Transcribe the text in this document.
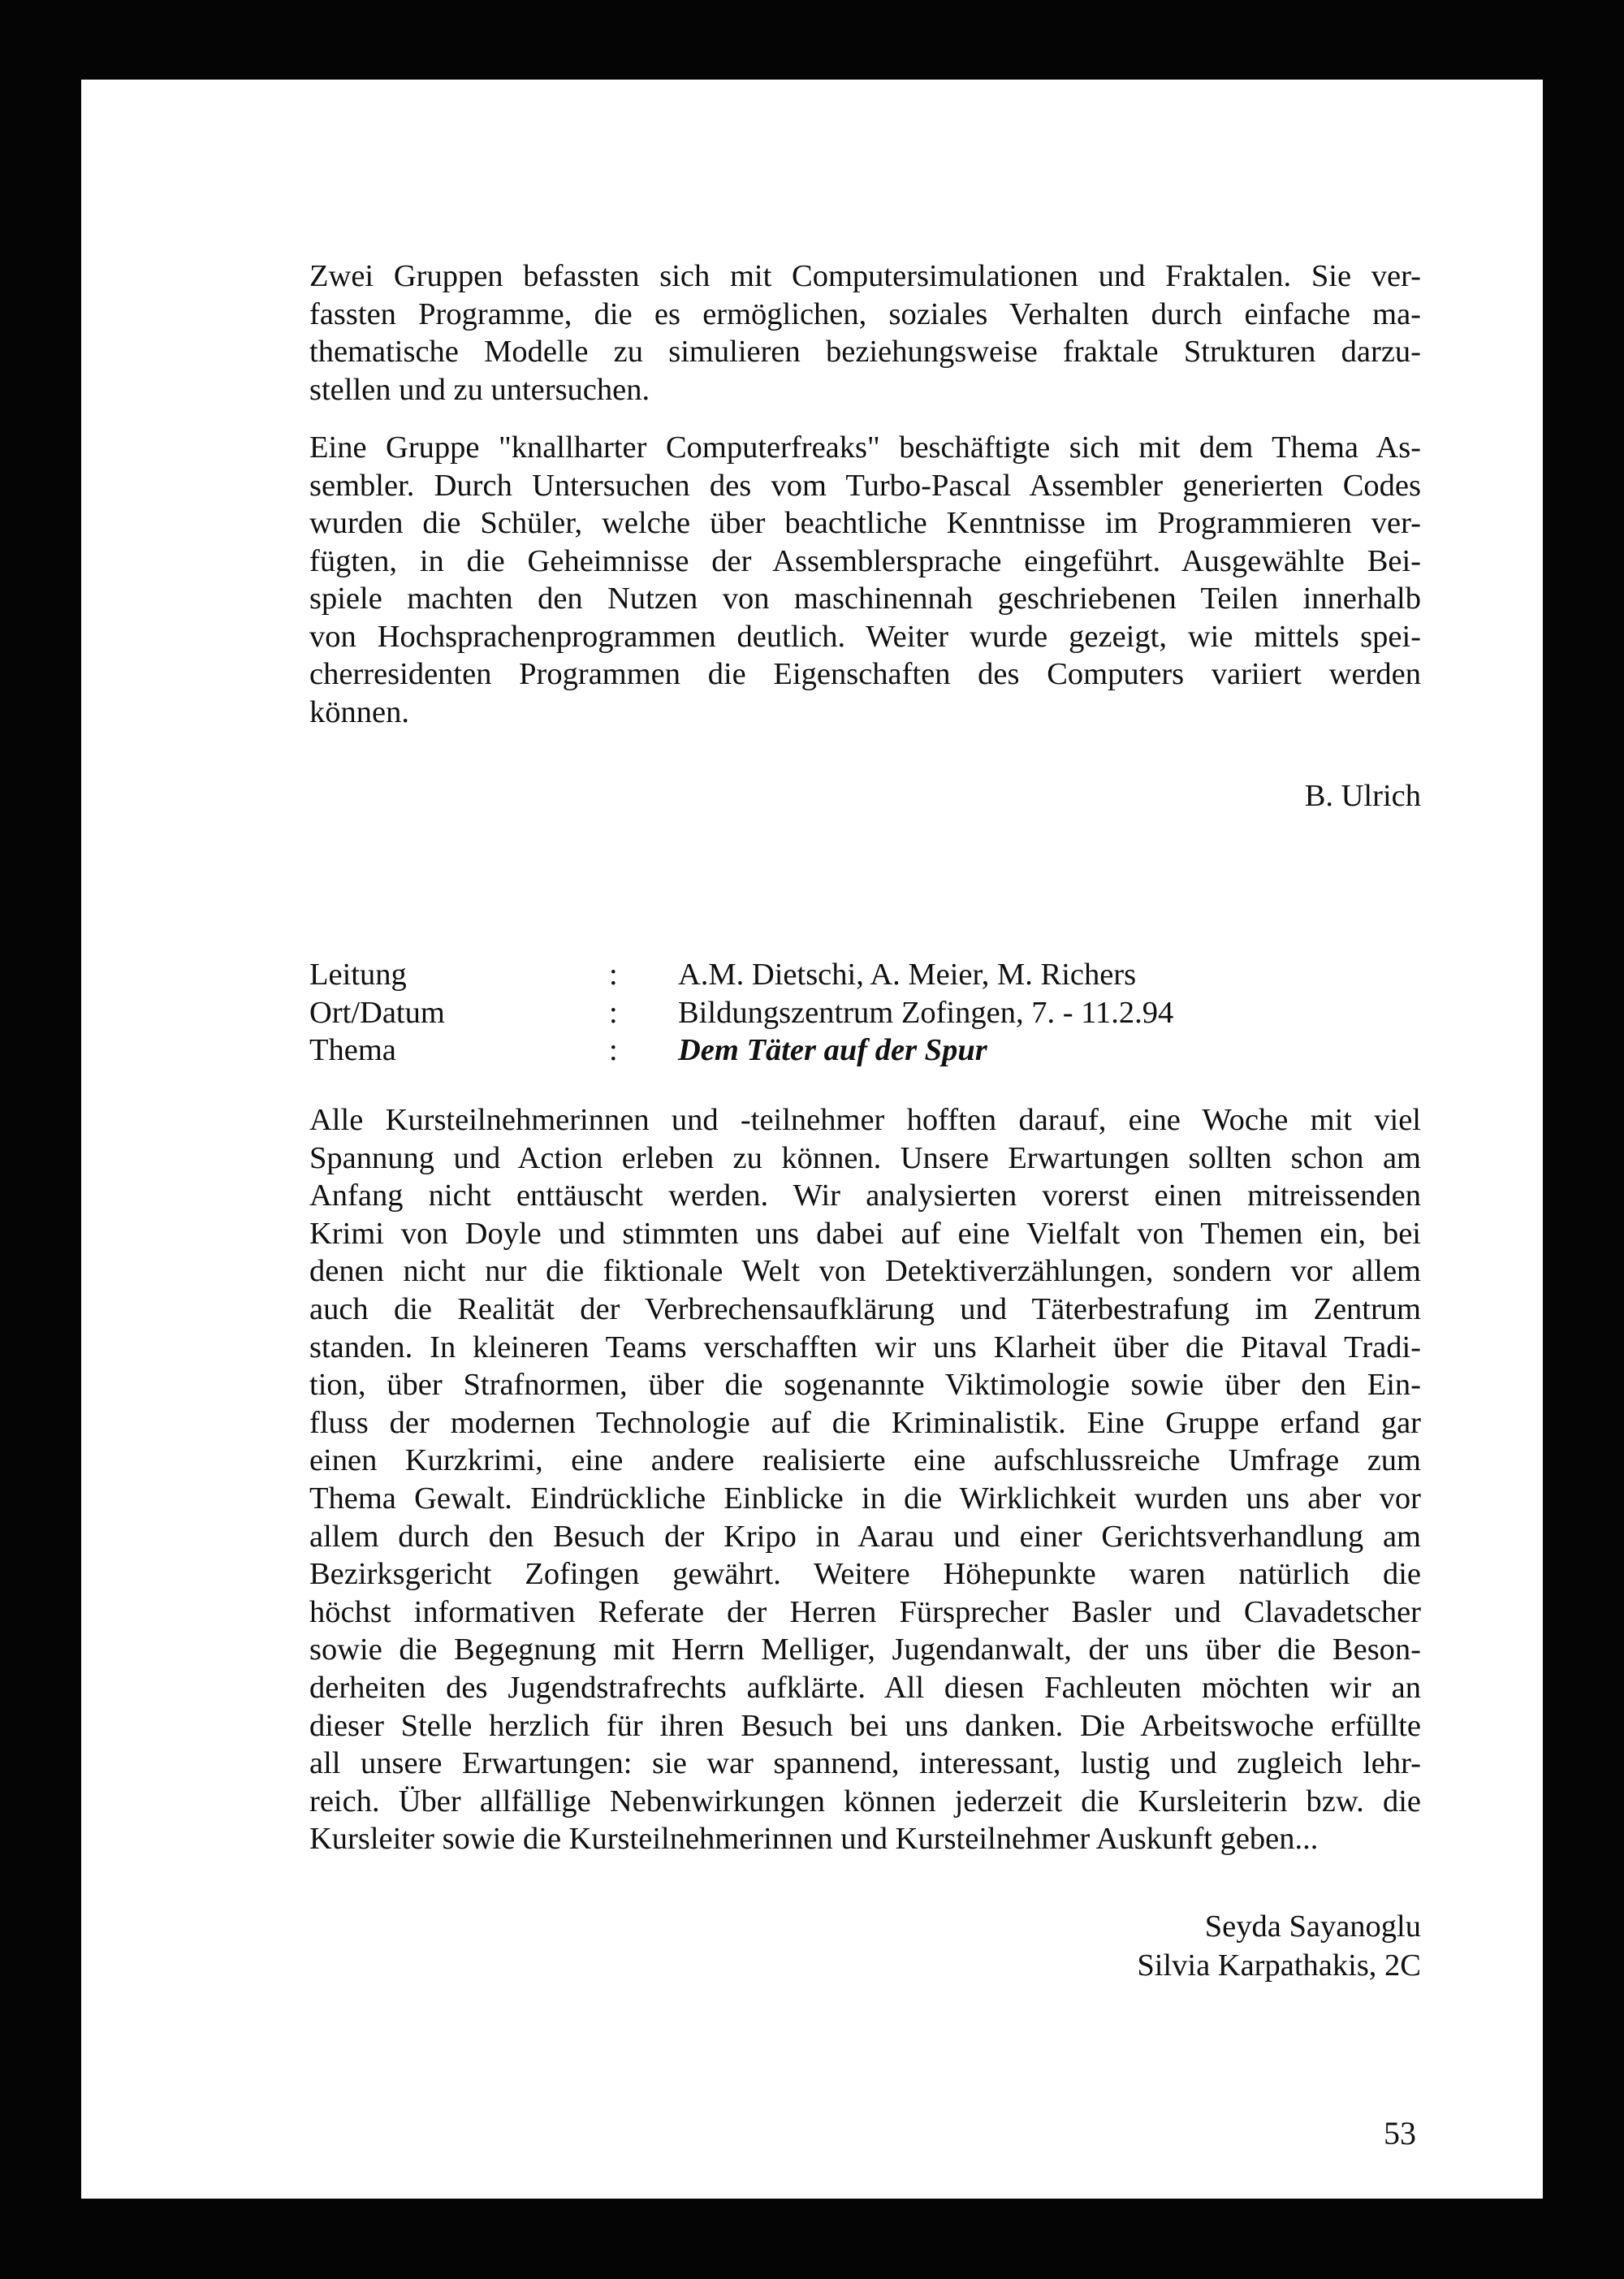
Zwei Gruppen befassten sich mit Computersimulationen und Fraktalen. Sie ver-
fassten Programme, die es ermöglichen, soziales Verhalten durch einfache ma-
thematische Modelle zu simulieren beziehungsweise fraktale Strukturen darzu-
stellen und zu untersuchen.
Eine Gruppe "knallharter Computerfreaks" beschäftigte sich mit dem Thema As-
sembler. Durch Untersuchen des vom Turbo-Pascal Assembler generierten Codes
wurden die Schüler, welche über beachtliche Kenntnisse im Programmieren ver-
fügten, in die Geheimnisse der Assemblersprache eingeführt. Ausgewählte Bei-
spiele machten den Nutzen von maschinennah geschriebenen Teilen innerhalb
von Hochsprachenprogrammen deutlich. Weiter wurde gezeigt, wie mittels spei-
cherresidenten Programmen die Eigenschaften des Computers variiert werden
können.
Alle Kursteilnehmerinnen und -teilnehmer hofften darauf, eine Woche mit viel
Spannung und Action erleben zu können. Unsere Erwartungen sollten schon am
Anfang nicht enttäuscht werden. Wir analysierten vorerst einen mitreissenden
Krimi von Doyle und stimmten uns dabei auf eine Vielfalt von Themen ein, bei
denen nicht nur die fiktionale Welt von Detektiverzählungen, sondern vor allem
auch die Realität der Verbrechensaufklärung und Täterbestrafung im Zentrum
standen. In kleineren Teams verschafften wir uns Klarheit über die Pitaval Tradi-
tion, über Strafnormen, über die sogenannte Viktimologie sowie über den Ein-
fluss der modernen Technologie auf die Kriminalistik. Eine Gruppe erfand gar
einen Kurzkrimi, eine andere realisierte eine aufschlussreiche Umfrage zum
Thema Gewalt. Eindrückliche Einblicke in die Wirklichkeit wurden uns aber vor
allem durch den Besuch der Kripo in Aarau und einer Gerichtsverhandlung am
Bezirksgericht Zofingen gewährt. Weitere Höhepunkte waren natürlich die
höchst informativen Referate der Herren Fürsprecher Basler und Clavadetscher
sowie die Begegnung mit Herrn Melliger, Jugendanwalt, der uns über die Beson-
derheiten des Jugendstrafrechts aufklärte. All diesen Fachleuten möchten wir an
dieser Stelle herzlich für ihren Besuch bei uns danken. Die Arbeitswoche erfüllte
all unsere Erwartungen: sie war spannend, interessant, lustig und zugleich lehr-
reich. Über allfällige Nebenwirkungen können jederzeit die Kursleiterin bzw. die
Kursleiter sowie die Kursteilnehmerinnen und Kursteilnehmer Auskunft geben...
B. Ulrich
Leitung	: A.M. Dietschi, A. Meier, M. Richers
Ort/Datum	: Bildungszentrum Zofingen, 7. - 11.2.94
Thema	: Dem Täter auf der Spur
Seyda Sayanoglu
Silvia Karpathakis, 2C
53
